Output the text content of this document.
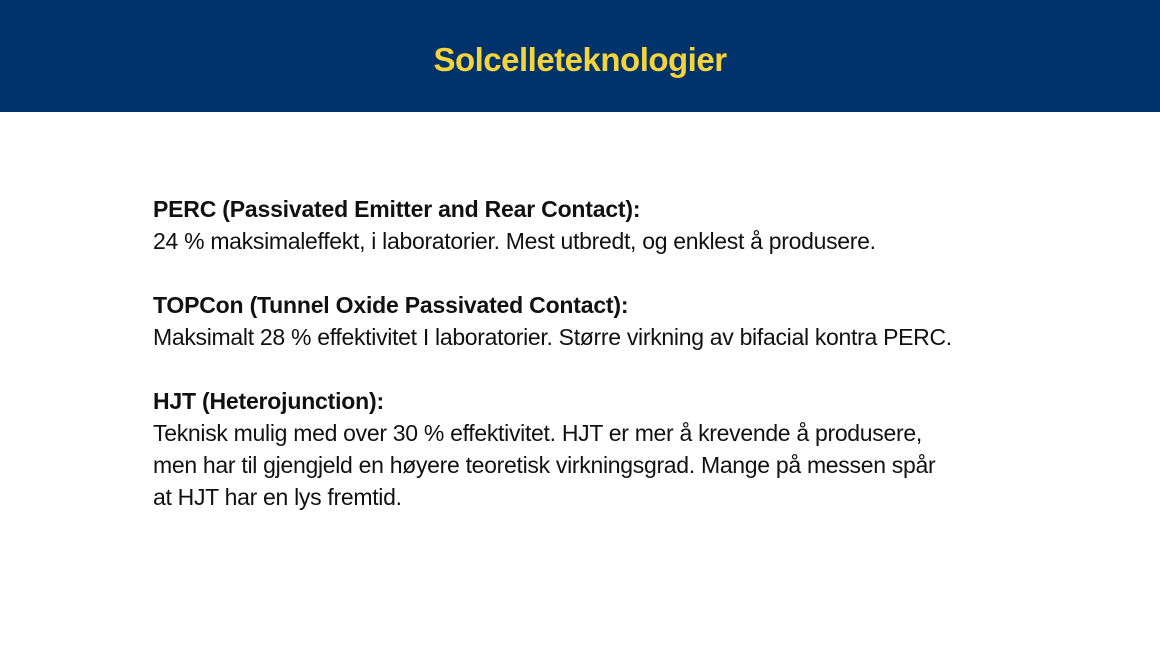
Solcelleteknologier
PERC (Passivated Emitter and Rear Contact):
24 % maksimaleffekt, i laboratorier. Mest utbredt, og enklest å produsere.
TOPCon (Tunnel Oxide Passivated Contact):
Maksimalt 28 % effektivitet I laboratorier. Større virkning av bifacial kontra PERC.
HJT (Heterojunction):
Teknisk mulig med over 30 % effektivitet. HJT er mer å krevende å produsere,
men har til gjengjeld en høyere teoretisk virkningsgrad. Mange på messen spår
at HJT har en lys fremtid.
